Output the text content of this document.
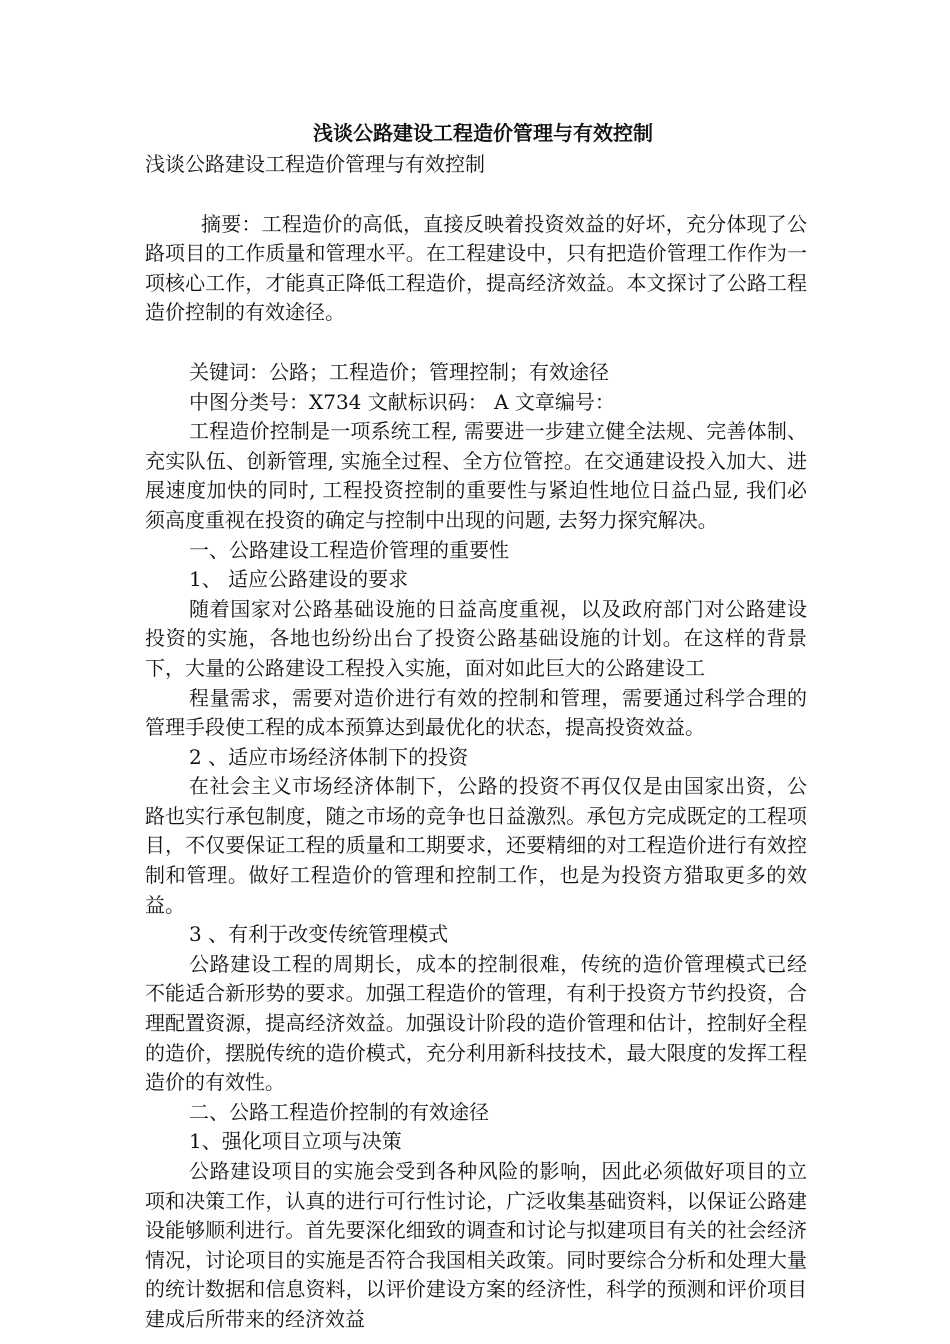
浅谈公路建设工程造价管理与有效控制
浅谈公路建设工程造价管理与有效控制
摘要：工程造价的高低，直接反映着投资效益的好坏，充分体现了公路项目的工作质量和管理水平。在工程建设中，只有把造价管理工作作为一项核心工作，才能真正降低工程造价，提高经济效益。本文探讨了公路工程造价控制的有效途径。
关键词：公路；工程造价；管理控制；有效途径
中图分类号：X734 文献标识码： A 文章编号：
工程造价控制是一项系统工程, 需要进一步建立健全法规、完善体制、充实队伍、创新管理, 实施全过程、全方位管控。在交通建设投入加大、进展速度加快的同时, 工程投资控制的重要性与紧迫性地位日益凸显, 我们必须高度重视在投资的确定与控制中出现的问题, 去努力探究解决。
一、公路建设工程造价管理的重要性
1、 适应公路建设的要求
随着国家对公路基础设施的日益高度重视，以及政府部门对公路建设投资的实施，各地也纷纷出台了投资公路基础设施的计划。在这样的背景下，大量的公路建设工程投入实施，面对如此巨大的公路建设工
程量需求，需要对造价进行有效的控制和管理，需要通过科学合理的管理手段使工程的成本预算达到最优化的状态，提高投资效益。
2 、适应市场经济体制下的投资
在社会主义市场经济体制下，公路的投资不再仅仅是由国家出资，公路也实行承包制度，随之市场的竞争也日益激烈。承包方完成既定的工程项目，不仅要保证工程的质量和工期要求，还要精细的对工程造价进行有效控制和管理。做好工程造价的管理和控制工作，也是为投资方猎取更多的效益。
3 、有利于改变传统管理模式
公路建设工程的周期长，成本的控制很难，传统的造价管理模式已经不能适合新形势的要求。加强工程造价的管理，有利于投资方节约投资，合理配置资源，提高经济效益。加强设计阶段的造价管理和估计，控制好全程的造价，摆脱传统的造价模式，充分利用新科技技术，最大限度的发挥工程造价的有效性。
二、公路工程造价控制的有效途径
1、强化项目立项与决策
公路建设项目的实施会受到各种风险的影响，因此必须做好项目的立项和决策工作，认真的进行可行性讨论，广泛收集基础资料，以保证公路建设能够顺利进行。首先要深化细致的调查和讨论与拟建项目有关的社会经济情况，讨论项目的实施是否符合我国相关政策。同时要综合分析和处理大量的统计数据和信息资料，以评价建设方案的经济性，科学的预测和评价项目建成后所带来的经济效益
